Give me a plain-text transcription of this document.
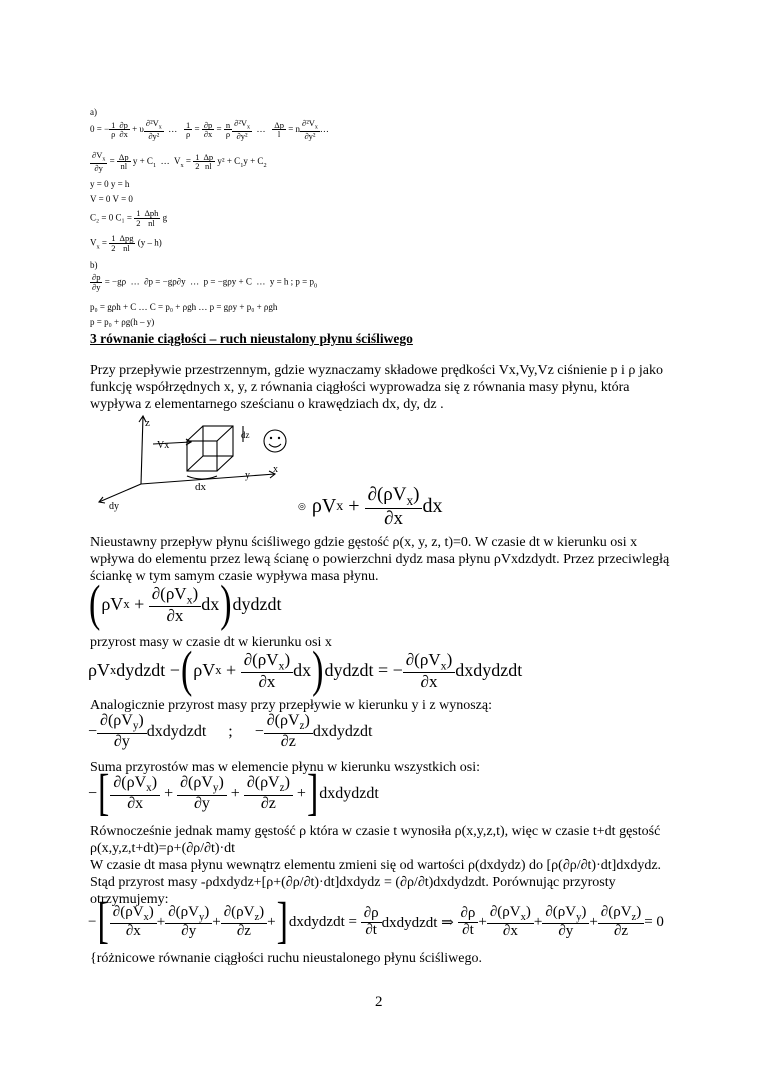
a)
0 = − $\frac{1}{\rho} \frac{\partial p}{\partial x} + \upsilon \frac{\partial^2V_x}{\text{∂y²}}$ … $\frac{1}{\rho} = \frac{\partial p}{\partial x} = \frac{n}{\rho} \frac{\partial^2V_x}{\text{∂y²}}$ … $\frac{\Delta p}{l} = n \frac{\partial^2V_x}{\text{∂y²}}$ …
$\frac{\partial V_x}{\partial y} = \frac{\Delta p}{nl}$ $y + C_1$  …  $V_x = \frac{1}{2} \frac{\Delta p}{nl} y^2 + C_1y + C_2$
y = 0 y = h
V = 0 V = 0
C₂ = 0 $C_1 = \frac{1}{2}$ Δph
nl
g
$V_x = \frac{1}{2}$ Δpg
nl
(y – h)
b)
$\frac{\partial p}{\partial y} = -g\rho$  …  ∂p = −gρ∂y  …  p = −gρy + C  …  y = h ; $p = p_0$
p₀ = gρh + C … C = p₀ + ρgh … p = gρy + p₀ + ρgh
p = p₀ + ρg(h – y)
3 równanie ciągłości – ruch nieustalony płynu ściśliwego
Przy przepływie przestrzennym, gdzie wyznaczamy składowe prędkości Vx,Vy,Vz ciśnienie p i ρ jako
funkcję współrzędnych x, y, z równania ciągłości wyprowadza się z równania masy płynu, która
wypływa z elementarnego sześcianu o krawędziach dx, dy, dz .
z
Vx
dz
y
x
dx
dy	◎ ρV x +
$\partial(\rho V_x)$
∂x
dx
Nieustawny przepływ płynu ściśliwego gdzie gęstość ρ(x, y, z, t)=0. W czasie dt w kierunku osi x
wpływa do elementu przez lewą ścianę o powierzchni dydz masa płynu ρVxdzdydt. Przez przeciwległą
ściankę w tym samym czasie wypływa masa płynu.
( ρV x +
$\partial(\rho V_x)$
∂x
dx ) dydzdt
przyrost masy w czasie dt w kierunku osi x
ρV x dydzdt − ( ρV x +
$\partial(\rho V_x)$
∂x
dx ) dydzdt = −
$\partial(\rho V_x)$
∂x
dxdydzdt
Analogicznie przyrost masy przy przepływie w kierunku y i z wynoszą:
−
$\partial(\rho V_y)$
∂y
dxdydzdt ; −
$\partial(\rho V_z)$
∂z
dxdydzdt
Suma przyrostów mas w elemencie płynu w kierunku wszystkich osi:
− [ $\partial(\rho V_x)$
∂x
+
$\partial(\rho V_y)$
∂y
+
$\partial(\rho V_z)$
∂z
+ ] dxdydzdt
Równocześnie jednak mamy gęstość ρ która w czasie t wynosiła ρ(x,y,z,t), więc w czasie t+dt gęstość
ρ(x,y,z,t+dt)=ρ+(∂ρ/∂t)·dt
W czasie dt masa płynu wewnątrz elementu zmieni się od wartości ρ(dxdydz) do [ρ(∂ρ/∂t)·dt]dxdydz.
Stąd przyrost masy -ρdxdydz+[ρ+(∂ρ/∂t)·dt]dxdydz = (∂ρ/∂t)dxdydzdt. Porównując przyrosty
otrzymujemy:
− [ $\partial(\rho V_x)$
∂x
+
$\partial(\rho V_y)$
∂y
+
$\partial(\rho V_z)$
∂z
+ ] dxdydzdt =
∂ρ
∂t dxdydzdt ⇒
∂ρ
∂t +
$\partial(\rho V_x)$
∂x
+
$\partial(\rho V_y)$
∂y
+
$\partial(\rho V_z)$
∂z
= 0
{różnicowe równanie ciągłości ruchu nieustalonego płynu ściśliwego.
2
